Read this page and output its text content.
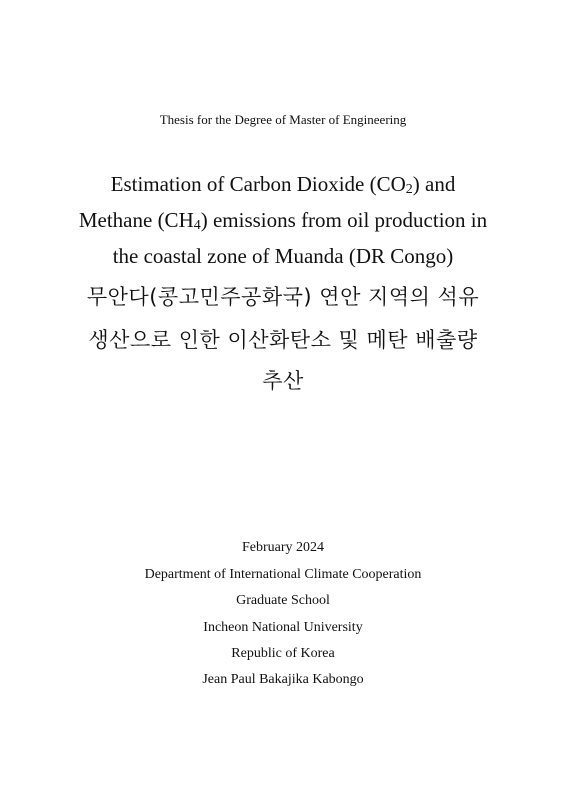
Thesis for the Degree of Master of Engineering
Estimation of Carbon Dioxide (CO2) and
Methane (CH4) emissions from oil production in
the coastal zone of Muanda (DR Congo)
무안다(콩고민주공화국) 연안 지역의 석유
생산으로 인한 이산화탄소 및 메탄 배출량
추산
February 2024
Department of International Climate Cooperation
Graduate School
Incheon National University
Republic of Korea
Jean Paul Bakajika Kabongo
